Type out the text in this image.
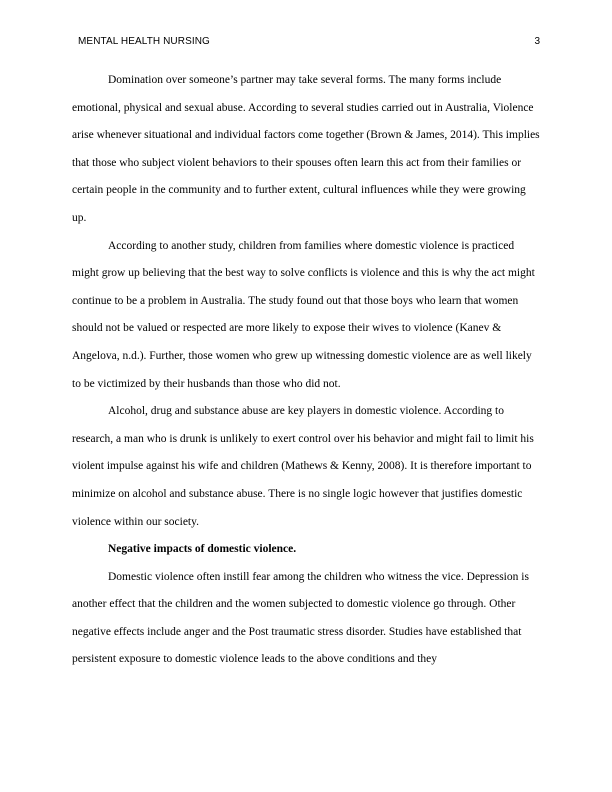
MENTAL HEALTH NURSING	3

Domination over someone’s partner may take several forms. The many forms include emotional, physical and sexual abuse. According to several studies carried out in Australia, Violence arise whenever situational and individual factors come together (Brown & James, 2014). This implies that those who subject violent behaviors to their spouses often learn this act from their families or certain people in the community and to further extent, cultural influences while they were growing up.

According to another study, children from families where domestic violence is practiced might grow up believing that the best way to solve conflicts is violence and this is why the act might continue to be a problem in Australia. The study found out that those boys who learn that women should not be valued or respected are more likely to expose their wives to violence (Kanev & Angelova, n.d.). Further, those women who grew up witnessing domestic violence are as well likely to be victimized by their husbands than those who did not.

Alcohol, drug and substance abuse are key players in domestic violence. According to research, a man who is drunk is unlikely to exert control over his behavior and might fail to limit his violent impulse against his wife and children (Mathews & Kenny, 2008). It is therefore important to minimize on alcohol and substance abuse. There is no single logic however that justifies domestic violence within our society.

Negative impacts of domestic violence.

Domestic violence often instill fear among the children who witness the vice. Depression is another effect that the children and the women subjected to domestic violence go through. Other negative effects include anger and the Post traumatic stress disorder. Studies have established that persistent exposure to domestic violence leads to the above conditions and they
